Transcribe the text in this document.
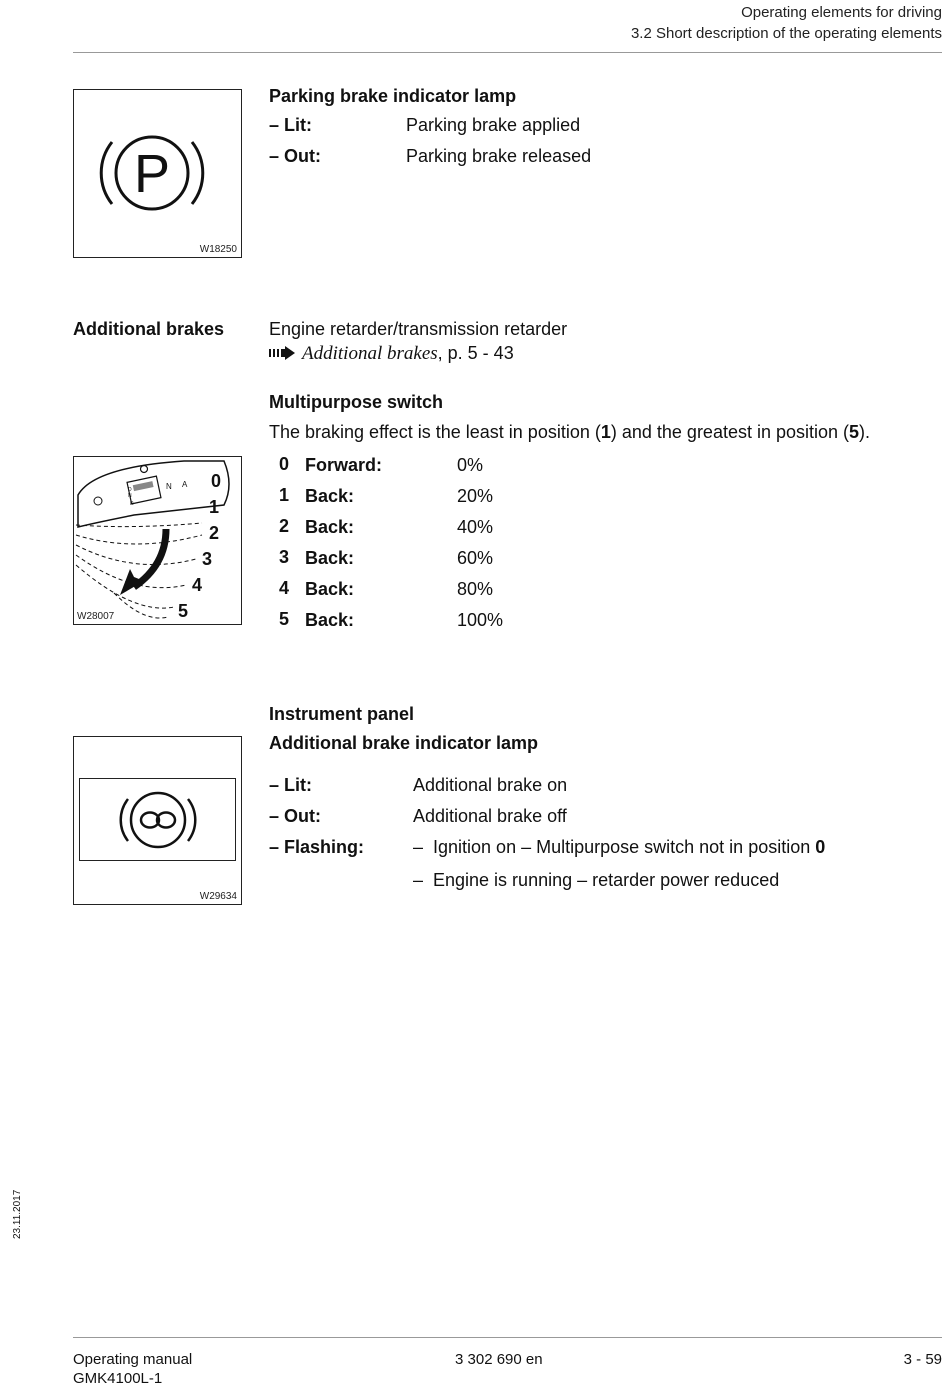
Operating elements for driving
3.2 Short description of the operating elements
P
W18250
Parking brake indicator lamp
– Lit:	Parking brake applied
– Out:	Parking brake released
Additional brakes Engine retarder/transmission retarder
Additional brakes, p. 5 - 43
Multipurpose switch
The braking effect is the least in position (1) and the greatest in position (5).
N A
D
N
R
0
1
2
3
4
5
W28007
0 Forward:	0%
1 Back:	20%
2 Back:	40%
3 Back:	60%
4 Back:	80%
5 Back:	100%
Instrument panel
Additional brake indicator lamp
W29634
– Lit:	Additional brake on
– Out:	Additional brake off
– Flashing:	–  Ignition on – Multipurpose switch not in position 0
–  Engine is running – retarder power reduced
23.11.2017
Operating manual
GMK4100L-1
3 302 690 en	3 - 59
